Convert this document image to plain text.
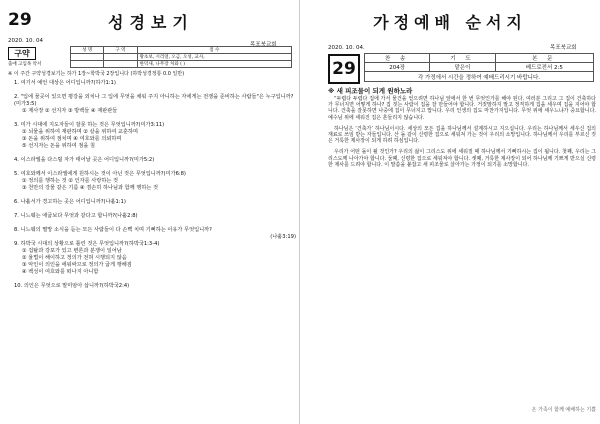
29	성경보기
2020. 10. 04
목포북교회
구약	성 명	구 역	점 수
		왕초보, 시리얼, 오금, 오성, 교사,
		한덕새, 나무장 처와 ( )
출애 고입목 약서
※ 이 주간 구약성경보기는 하가 1장~학박국 2장입니다 (하박성경정통 0.0 일반)
1. 여기서 예언 대상은 어디입니까?(하가1:1)
2. "입에 물곳이 있으면 평강을 외치나 그 입에 무엇을 채워 주지 아니하는 자에게는 전쟁을 준비하는 사람들"은 누구입니까?(미가3:5)
① 제사장 ② 선지자 ③ 방백들 ④ 재판관들
3. 미가 시대에 지도자들이 잘못 하는 것은 무엇입니까?(미가3:11)
① 뇌물을 위하여 재판하며 ② 삯을 위하여 교훈하며
③ 돈을 위하여 점치며 ④ 여호와를 의뢰하며
⑤ 선지자는 돈을 위하여 점을 침
4. 이스라엘을 다스릴 자가 태어날 곳은 어디입니까?(미가5:2)
5. 여호와께서 이스라엘에게 원하시는 것이 아닌 것은 무엇입니까?(미가6:8)
① 정의를 행하는 것 ② 인자를 사랑하는 것
③ 천만의 강물 같은 기름 ④ 겸손히 하나님과 함께 행하는 것
6. 나훔서가 경고하는 곳은 어디입니까?(나훔1:1)
7. 니느웨는 애굽보다 무엇과 같다고 합니까?(나훔2:8)
8. 니느웨의 멸망 소식을 듣는 모든 사람들이 다 손뼉 치며 기뻐하는 이유가 무엇입니까?
(나훔3:19)
9. 하박국 시대의 상황으로 틀린 것은 무엇입니까?(하박국1:3-4)
① 겁탈과 강포가 있고 변론과 분쟁이 일어남
② 율법이 해이하고 정의가 전혀 시행되지 않음
③ 악인이 의인을 에워싸므로 정의가 굽게 행해짐
④ 백성이 여호와를 떠나지 아니함
10. 의인은 무엇으로 말미암아 삽니까?(하박국2:4)
가정예배 순서지
2020. 10. 04.	목포북교회
29	찬 송	기 도	본 문
204장	맡은이	베드로전서 2:5
각 가정에서 시간을 정하여 예배드리시기 바랍니다.		
※ 새 피조물이 되게 원하노라

“두렵다 두렵다 집에 가서 물건을 얻으려면 하나님 앞에서 한 번 무엇인가를 해야 된다. 여러분 그리고 그 집이 건축하다가 무너지면 어떻게 하나? 집 짓는 사람이 집을 잘 만들어야 합니다. 거짓말하지 말고 정직하게 집을 세우며 집을 지어야 합니다. 건축을 잘못하면 나중에 집이 무너지고 맙니다. 우리 인생의 집도 마찬가지입니다. 무엇 위에 세우느냐가 중요합니다. 예수님 위에 세워진 집은 흔들리지 않습니다.

하나님은 ‘건축가’ 하나님이시다. 세상의 모든 집을 하나님께서 설계하시고 지으십니다. 우리는 하나님께서 세우신 집의 재료로 쓰임 받는 자들입니다. 산 돌 같이 신령한 집으로 세워져 가는 것이 우리의 소망입니다. 하나님께서 우리를 부르신 것은 거룩한 제사장이 되게 하려 하심입니다.

우리가 어떤 돌이 될 것인가? 우리의 삶이 그리스도 위에 세워질 때 하나님께서 기뻐하시는 집이 됩니다. 첫째, 우리는 그리스도께 나아가야 합니다. 둘째, 신령한 집으로 세워져야 합니다. 셋째, 거룩한 제사장이 되어 하나님께 기쁘게 받으실 신령한 제사를 드려야 합니다. 이 말씀을 붙잡고 새 피조물로 살아가는 가정이 되기를 소망합니다.

온 가족이 함께 예배하는 기쁨
